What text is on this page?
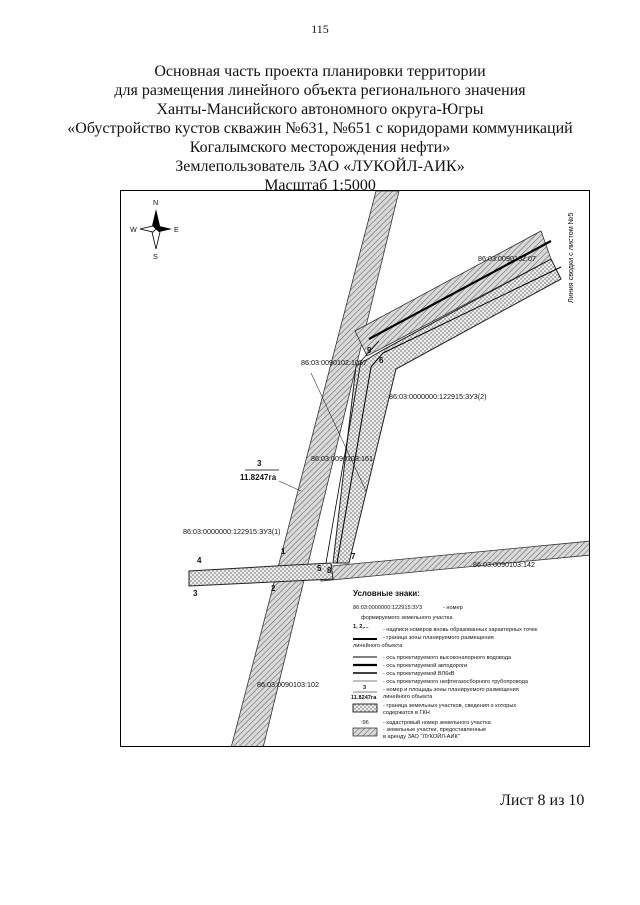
115
Основная часть проекта планировки территории
для размещения линейного объекта регионального значения
Ханты-Мансийского автономного округа-Югры
«Обустройство кустов скважин №631, №651 с коридорами коммуникаций
Когалымского месторождения нефти»
Землепользователь ЗАО «ЛУКОЙЛ-АИК»
Масштаб 1:5000
N
S
W	E
86:03:0090102:07
86:03:0090102:1057
86:03:0000000:122915:ЗУ3(2)
86:03:0090103:161
86:03:0000000:122915:ЗУ3(1)
86:03:0090103:142
86:03:0090103:102
Линия сводки с листом №5
3
11.8247га
1
2
3
4
5
6
7
8
9
Условные знаки:
86:03:0000000:122915:ЗУ3	- номер
формируемого земельного участка
1, 2,...	- надписи номеров вновь образованных характерных точек
- граница зоны планируемого размещения
линейного объекта
- ось проектируемого высоконапорного водовода
- ось проектируемой автодороги
- ось проектируемой ВЛ6кВ
- ось проектируемого нефтегазосборного трубопровода
3
11.8247га
- номер и площадь зоны планируемого размещения
линейного объекта
- граница земельных участков, сведения о которых
содержатся в ГКН
:96	- кадастровый номер земельного участка
- земельные участки, предоставленные
в аренду ЗАО "ЛУКОЙЛ-АИК"
Лист 8 из 10
